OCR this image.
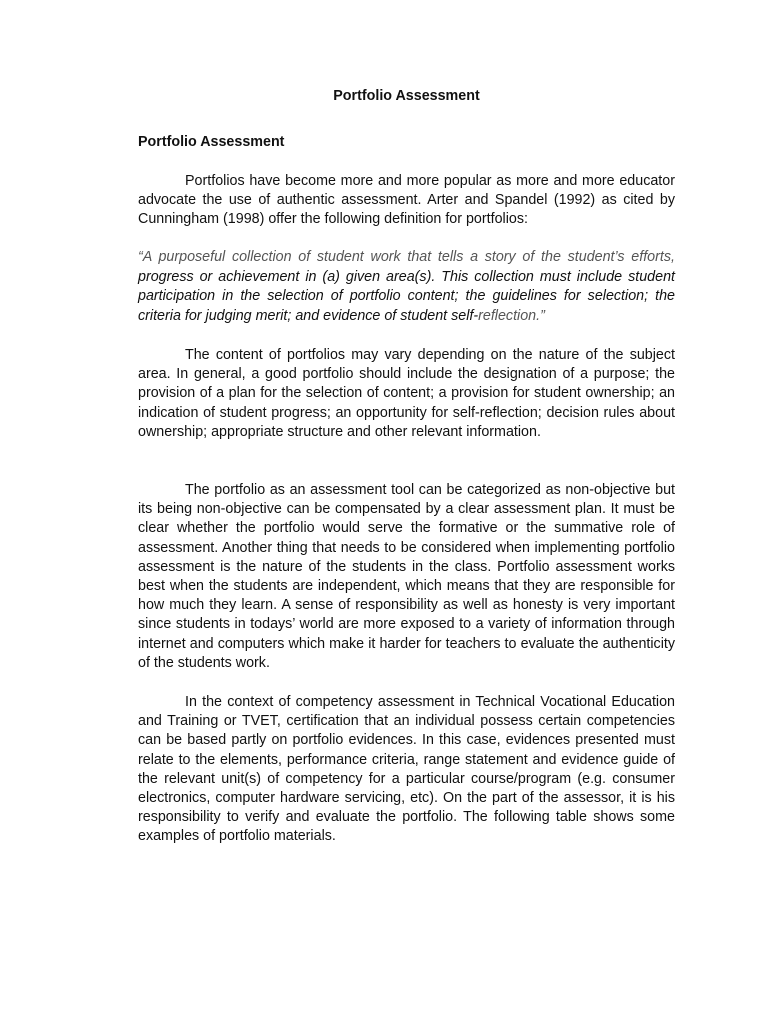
Portfolio Assessment
Portfolio Assessment

Portfolios have become more and more popular as more and more educator advocate the use of authentic assessment. Arter and Spandel (1992) as cited by Cunningham (1998) offer the following definition for portfolios:

“A purposeful collection of student work that tells a story of the student’s efforts, progress or achievement in (a) given area(s). This collection must include student participation in the selection of portfolio content; the guidelines for selection; the criteria for judging merit; and evidence of student self-reflection.”

The content of portfolios may vary depending on the nature of the subject area. In general, a good portfolio should include the designation of a purpose; the provision of a plan for the selection of content; a provision for student ownership; an indication of student progress; an opportunity for self-reflection; decision rules about ownership; appropriate structure and other relevant information.

The portfolio as an assessment tool can be categorized as non-objective but its being non-objective can be compensated by a clear assessment plan. It must be clear whether the portfolio would serve the formative or the summative role of assessment. Another thing that needs to be considered when implementing portfolio assessment is the nature of the students in the class. Portfolio assessment works best when the students are independent, which means that they are responsible for how much they learn. A sense of responsibility as well as honesty is very important since students in todays’ world are more exposed to a variety of information through internet and computers which make it harder for teachers to evaluate the authenticity of the students work.

In the context of competency assessment in Technical Vocational Education and Training or TVET, certification that an individual possess certain competencies can be based partly on portfolio evidences. In this case, evidences presented must relate to the elements, performance criteria, range statement and evidence guide of the relevant unit(s) of competency for a particular course/program (e.g. consumer electronics, computer hardware servicing, etc). On the part of the assessor, it is his responsibility to verify and evaluate the portfolio. The following table shows some examples of portfolio materials.
